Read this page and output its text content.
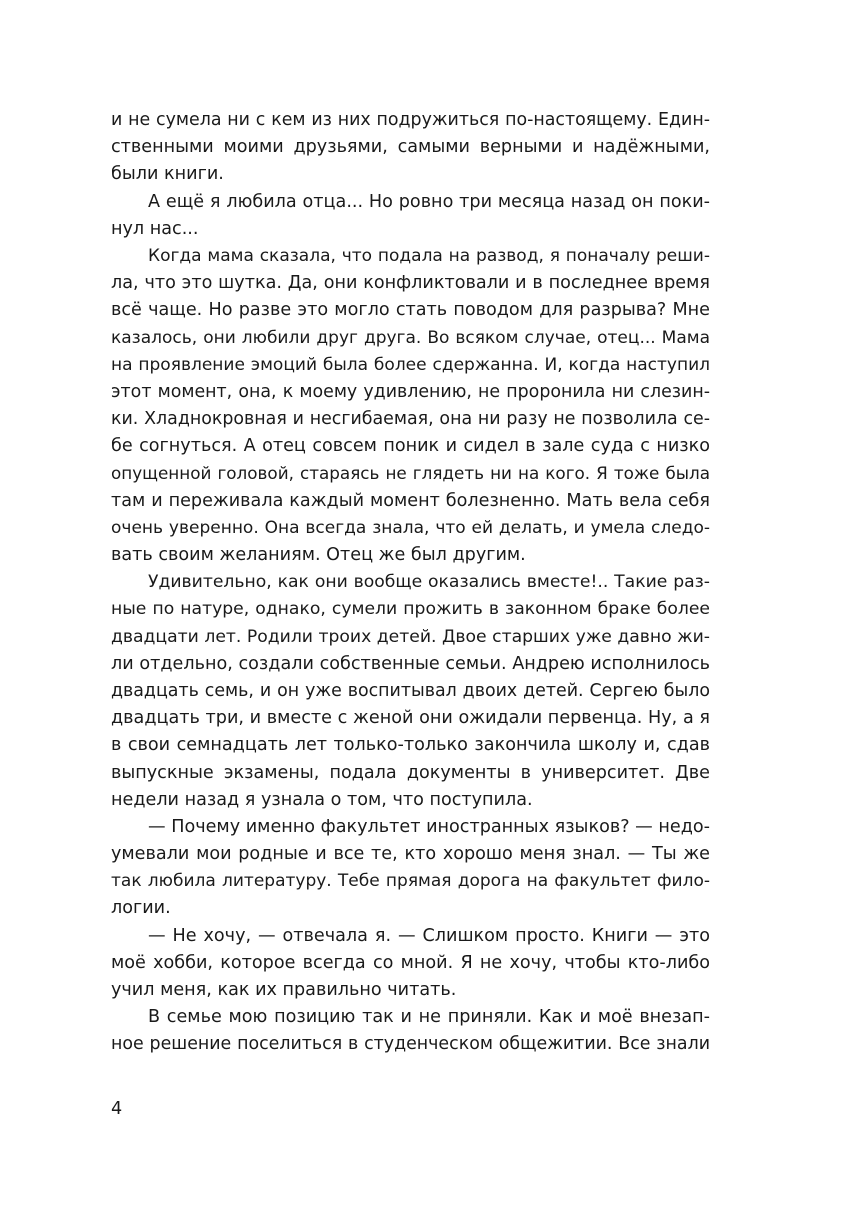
и не сумела ни с кем из них подружиться по-настоящему. Един-
ственными моими друзьями, самыми верными и надёжными,
были книги.
А ещё я любила отца... Но ровно три месяца назад он поки-
нул нас...
Когда мама сказала, что подала на развод, я поначалу реши-
ла, что это шутка. Да, они конфликтовали и в последнее время
всё чаще. Но разве это могло стать поводом для разрыва? Мне
казалось, они любили друг друга. Во всяком случае, отец... Мама
на проявление эмоций была более сдержанна. И, когда наступил
этот момент, она, к моему удивлению, не проронила ни слезин-
ки. Хладнокровная и несгибаемая, она ни разу не позволила се-
бе согнуться. А отец совсем поник и сидел в зале суда с низко
опущенной головой, стараясь не глядеть ни на кого. Я тоже была
там и переживала каждый момент болезненно. Мать вела себя
очень уверенно. Она всегда знала, что ей делать, и умела следо-
вать своим желаниям. Отец же был другим.
Удивительно, как они вообще оказались вместе!.. Такие раз-
ные по натуре, однако, сумели прожить в законном браке более
двадцати лет. Родили троих детей. Двое старших уже давно жи-
ли отдельно, создали собственные семьи. Андрею исполнилось
двадцать семь, и он уже воспитывал двоих детей. Сергею было
двадцать три, и вместе с женой они ожидали первенца. Ну, а я
в свои семнадцать лет только-только закончила школу и, сдав
выпускные экзамены, подала документы в университет. Две
недели назад я узнала о том, что поступила.
— Почему именно факультет иностранных языков? — недо-
умевали мои родные и все те, кто хорошо меня знал. — Ты же
так любила литературу. Тебе прямая дорога на факультет фило-
логии.
— Не хочу, — отвечала я. — Слишком просто. Книги — это
моё хобби, которое всегда со мной. Я не хочу, чтобы кто-либо
учил меня, как их правильно читать.
В семье мою позицию так и не приняли. Как и моё внезап-
ное решение поселиться в студенческом общежитии. Все знали
4
